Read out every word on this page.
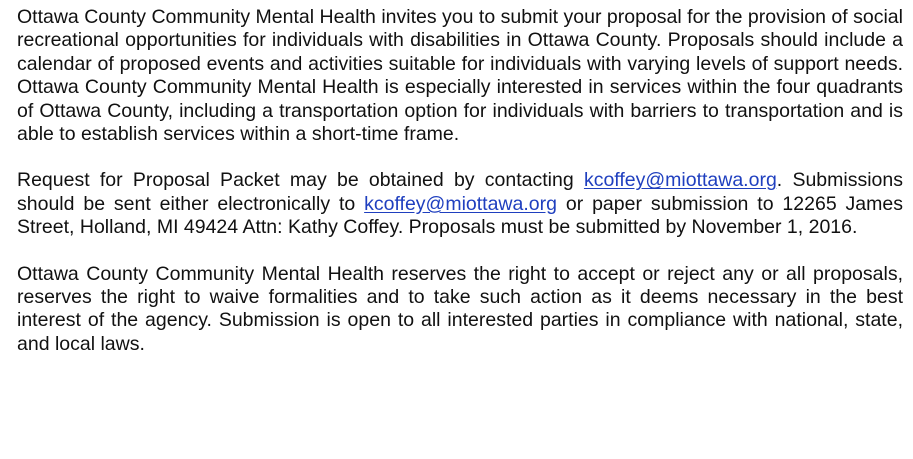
Ottawa County Community Mental Health invites you to submit your proposal for the provision of social recreational opportunities for individuals with disabilities in Ottawa County. Proposals should include a calendar of proposed events and activities suitable for individuals with varying levels of support needs. Ottawa County Community Mental Health is especially interested in services within the four quadrants of Ottawa County, including a transportation option for individuals with barriers to transportation and is able to establish services within a short-time frame.

Request for Proposal Packet may be obtained by contacting kcoffey@miottawa.org. Submissions should be sent either electronically to kcoffey@miottawa.org or paper submission to 12265 James Street, Holland, MI 49424 Attn: Kathy Coffey. Proposals must be submitted by November 1, 2016.

Ottawa County Community Mental Health reserves the right to accept or reject any or all proposals, reserves the right to waive formalities and to take such action as it deems necessary in the best interest of the agency. Submission is open to all interested parties in compliance with national, state, and local laws.
